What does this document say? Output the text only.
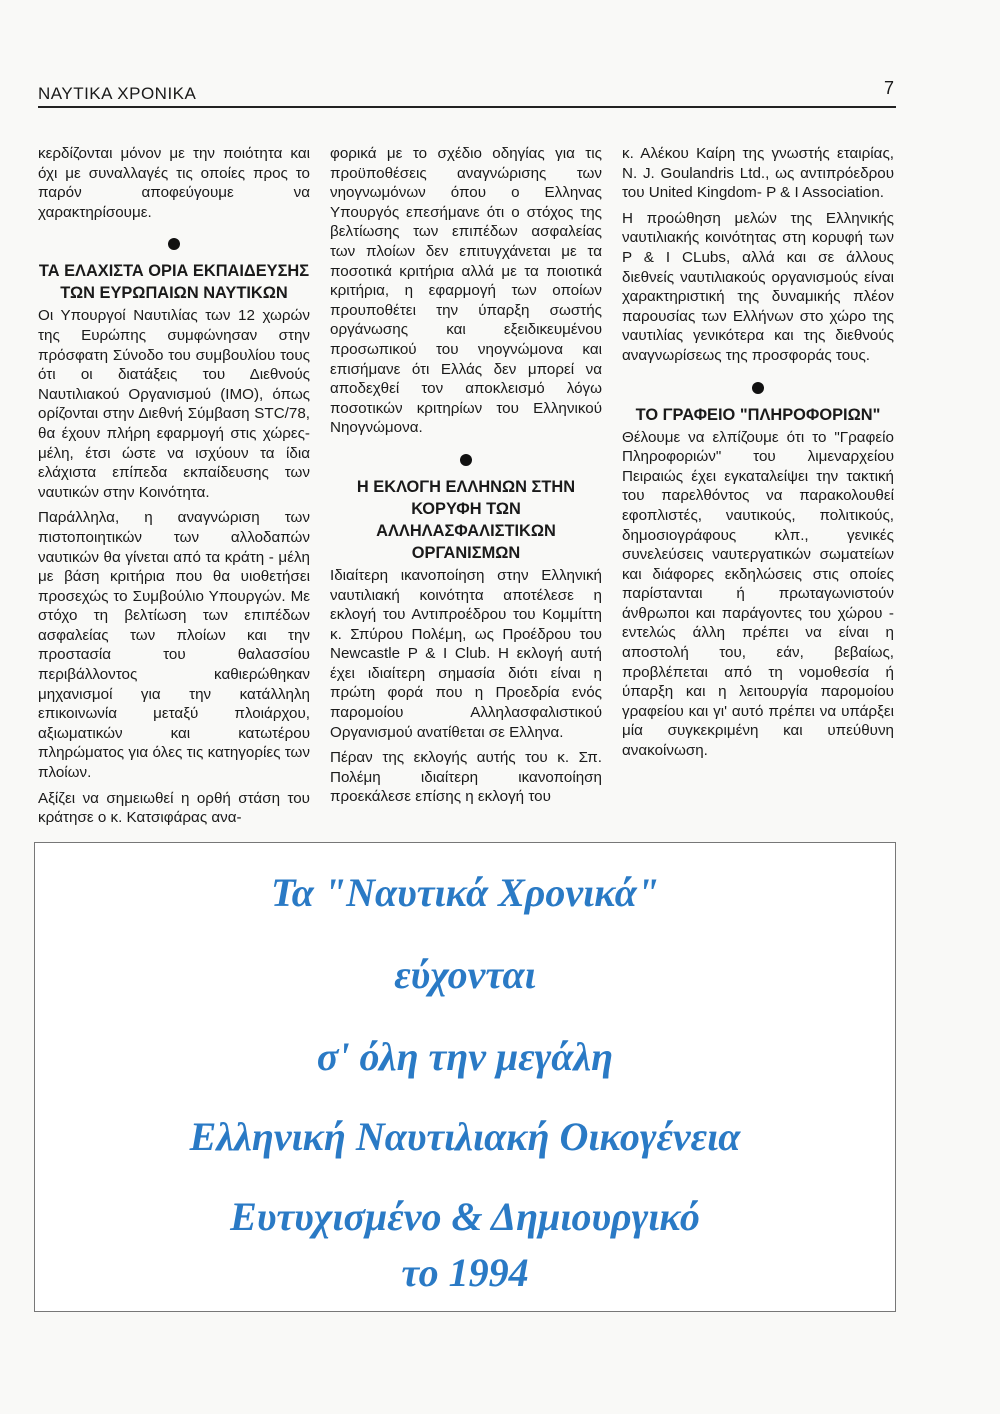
ΝΑΥΤΙΚΑ ΧΡΟΝΙΚΑ	7

κερδίζονται μόνον με την ποιότητα και όχι με συναλλαγές τις οποίες προς το παρόν αποφεύγουμε να χαρακτηρίσουμε.

ΤΑ ΕΛΑΧΙΣΤΑ ΟΡΙΑ ΕΚΠΑΙΔΕΥΣΗΣ ΤΩΝ ΕΥΡΩΠΑΙΩΝ ΝΑΥΤΙΚΩΝ

Οι Υπουργοί Ναυτιλίας των 12 χωρών της Ευρώπης συμφώνησαν στην πρόσφατη Σύνοδο του συμβουλίου τους ότι οι διατάξεις του Διεθνούς Ναυτιλιακού Οργανισμού (ΙΜΟ), όπως ορίζονται στην Διεθνή Σύμβαση STC/78, θα έχουν πλήρη εφαρμογή στις χώρες-μέλη, έτσι ώστε να ισχύουν τα ίδια ελάχιστα επίπεδα εκπαίδευσης των ναυτικών στην Κοινότητα.

Παράλληλα, η αναγνώριση των πιστοποιητικών των αλλοδαπών ναυτικών θα γίνεται από τα κράτη - μέλη με βάση κριτήρια που θα υιοθετήσει προσεχώς το Συμβούλιο Υπουργών. Με στόχο τη βελτίωση των επιπέδων ασφαλείας των πλοίων και την προστασία του θαλασσίου περιβάλλοντος καθιερώθηκαν μηχανισμοί για την κατάλληλη επικοινωνία μεταξύ πλοιάρχου, αξιωματικών και κατωτέρου πληρώματος για όλες τις κατηγορίες των πλοίων.

Αξίζει να σημειωθεί η ορθή στάση του κράτησε ο κ. Κατσιφάρας ανα-

φορικά με το σχέδιο οδηγίας για τις προϋποθέσεις αναγνώρισης των νηογνωμόνων όπου ο Ελληνας Υπουργός επεσήμανε ότι ο στόχος της βελτίωσης των επιπέδων ασφαλείας των πλοίων δεν επιτυγχάνεται με τα ποσοτικά κριτήρια αλλά με τα ποιοτικά κριτήρια, η εφαρμογή των οποίων προυποθέτει την ύπαρξη σωστής οργάνωσης και εξειδικευμένου προσωπικού του νηογνώμονα και επισήμανε ότι Ελλάς δεν μπορεί να αποδεχθεί τον αποκλεισμό λόγω ποσοτικών κριτηρίων του Ελληνικού Νηογνώμονα.

Η ΕΚΛΟΓΗ ΕΛΛΗΝΩΝ ΣΤΗΝ ΚΟΡΥΦΗ ΤΩΝ ΑΛΛΗΛΑΣΦΑΛΙΣΤΙΚΩΝ ΟΡΓΑΝΙΣΜΩΝ

Ιδιαίτερη ικανοποίηση στην Ελληνική ναυτιλιακή κοινότητα αποτέλεσε η εκλογή του Αντιπροέδρου του Κομμίττη κ. Σπύρου Πολέμη, ως Προέδρου του Newcastle P & I Club. Η εκλογή αυτή έχει ιδιαίτερη σημασία διότι είναι η πρώτη φορά που η Προεδρία ενός παρομοίου Αλληλασφαλιστικού Οργανισμού ανατίθεται σε Ελληνα.

Πέραν της εκλογής αυτής του κ. Σπ. Πολέμη ιδιαίτερη ικανοποίηση προεκάλεσε επίσης η εκλογή του

κ. Αλέκου Καίρη της γνωστής εταιρίας, N. J. Goulandris Ltd., ως αντιπρόεδρου του United Kingdom- P & I Association.

Η προώθηση μελών της Ελληνικής ναυτιλιακής κοινότητας στη κορυφή των P & I CLubs, αλλά και σε άλλους διεθνείς ναυτιλιακούς οργανισμούς είναι χαρακτηριστική της δυναμικής πλέον παρουσίας των Ελλήνων στο χώρο της ναυτιλίας γενικότερα και της διεθνούς αναγνωρίσεως της προσφοράς τους.

ΤΟ ΓΡΑΦΕΙΟ "ΠΛΗΡΟΦΟΡΙΩΝ"

Θέλουμε να ελπίζουμε ότι το "Γραφείο Πληροφοριών" του λιμεναρχείου Πειραιώς έχει εγκαταλείψει την τακτική του παρελθόντος να παρακολουθεί εφοπλιστές, ναυτικούς, πολιτικούς, δημοσιογράφους κλπ., γενικές συνελεύσεις ναυτεργατικών σωματείων και διάφορες εκδηλώσεις στις οποίες παρίστανται ή πρωταγωνιστούν άνθρωποι και παράγοντες του χώρου - εντελώς άλλη πρέπει να είναι η αποστολή του, εάν, βεβαίως, προβλέπεται από τη νομοθεσία ή ύπαρξη και η λειτουργία παρομοίου γραφείου και γι' αυτό πρέπει να υπάρξει μία συγκεκριμένη και υπεύθυνη ανακοίνωση.

Τα "Ναυτικά Χρονικά"
εύχονται
σ' όλη την μεγάλη
Ελληνική Ναυτιλιακή Οικογένεια
Ευτυχισμένο & Δημιουργικό
το 1994
